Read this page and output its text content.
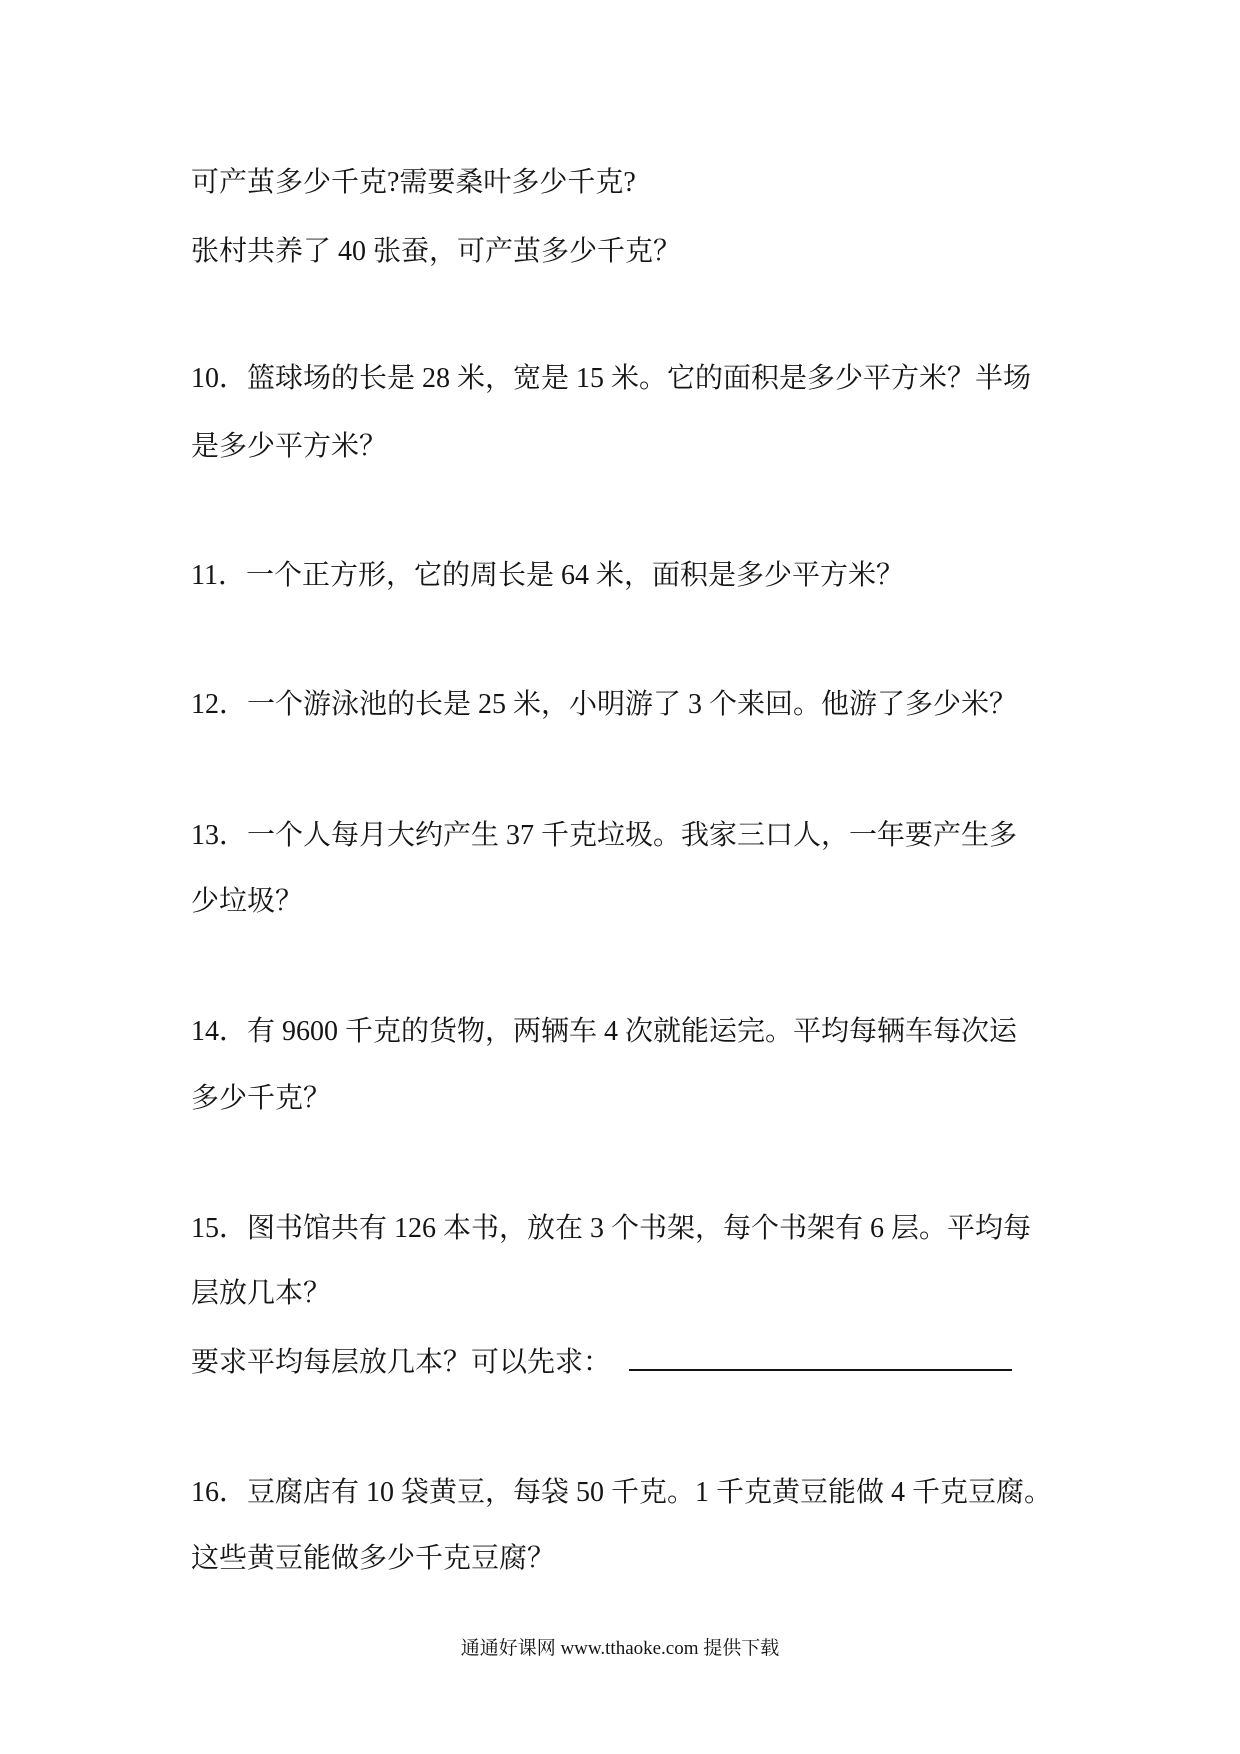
可产茧多少千克?需要桑叶多少千克?
张村共养了 40 张蚕，可产茧多少千克？
10．篮球场的长是 28 米，宽是 15 米。它的面积是多少平方米？半场
是多少平方米？
11．一个正方形，它的周长是 64 米，面积是多少平方米？
12．一个游泳池的长是 25 米，小明游了 3 个来回。他游了多少米？
13．一个人每月大约产生 37 千克垃圾。我家三口人，一年要产生多
少垃圾？
14．有 9600 千克的货物，两辆车 4 次就能运完。平均每辆车每次运
多少千克？
15．图书馆共有 126 本书，放在 3 个书架，每个书架有 6 层。平均每
层放几本？
要求平均每层放几本？可以先求：
16．豆腐店有 10 袋黄豆，每袋 50 千克。1 千克黄豆能做 4 千克豆腐。
这些黄豆能做多少千克豆腐？
通通好课网 www.tthaoke.com 提供下载
